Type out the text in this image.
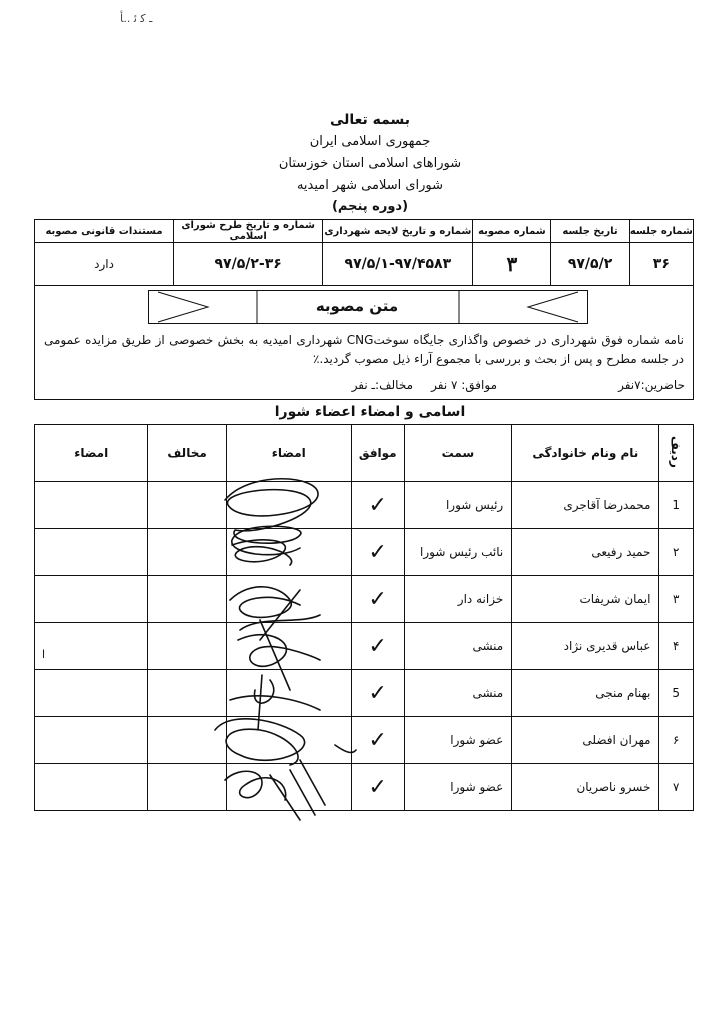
ـ ﮐ ﺋ ..ﺄ
بسمه تعالی
جمهوری اسلامی ایران
شوراهای اسلامی استان خوزستان
شورای اسلامی شهر امیدیه
(دوره پنجم)
شماره جلسه	تاریخ جلسه	شماره مصوبه	شماره و تاریخ لایحه شهرداری	شماره و تاریخ طرح شورای اسلامی	مستندات قانونی مصوبه
۳۶	۹۷/۵/۲	۳	۹۷/۵/۱-۹۷/۴۵۸۳	۹۷/۵/۲-۳۶	دارد
متن مصوبه
نامه شماره فوق شهرداری در خصوص واگذاری جایگاه سوختCNG شهرداری امیدیه به بخش خصوصی از طریق مزایده عمومی در جلسه مطرح و پس از بحث و بررسی با مجموع آراء ذیل مصوب گردید.٪
حاضرین:۷نفر
موافق: ۷ نفر
مخالف:ـ نفر
اسامی و امضاء اعضاء شورا
ردیف	نام ونام خانوادگی	سمت	موافق	امضاء	مخالف	امضاء
1	محمدرضا آقاجری	رئیس شورا	✓			
۲	حمید رفیعی	نائب رئیس شورا	✓			
۳	ایمان شریفات	خزانه دار	✓			
۴	عباس قدیری نژاد	منشی	✓			
5	بهنام منجی	منشی	✓			
۶	مهران افضلی	عضو شورا	✓			
۷	خسرو ناصریان	عضو شورا	✓			
ا
